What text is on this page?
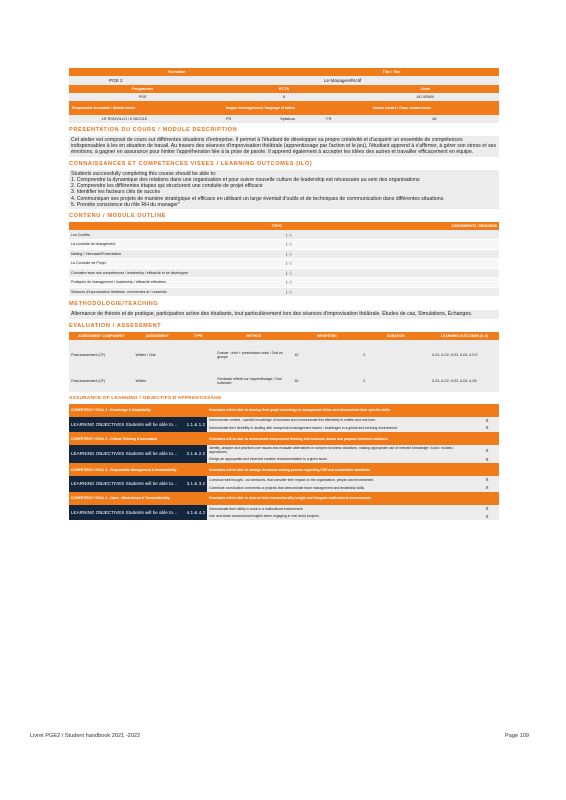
Formation	Title / Title
PGE 2	Le ManagerefKctif
Programme	ECTS	Code
PGE	6	AD 0R600
Responsable du module / Module leader	langue d'enseignement / language of tuition	Volume horaire / Class contact hours
LE ROUVILLO / II NICOLE	FR	Syllabus:	FR	46
PRÉSENTATION DU COURS / MODULE DESCRIPTION

Cet atelier est composé de cours sur différentes situations d'entreprise. Il permet à l'étudiant de développer sa propre créativité et d'acquérir un ensemble de compétences indispensables à les en situation de travail. Au travers des séances d'improvisation théâtrale (apprentissage par l'action et le jeu), l'étudiant apprend à s'affirmer, à gérer son stress et ses émotions, à gagner en assurance pour limiter l'appréhension liée à la prise de parole. Il apprend également à accepter les idées des autres et travailler efficacement en équipe.

CONNAISSANCES ET COMPETENCES VISEES / LEARNING OUTCOMES (ILO)

Students successfully completing this course should be able to:

1. Comprendre la dynamique des relations dans une organisation et pour suivre nouvelle culture de leadership est nécessaire au sein des organisations

2. Comprendre les différentes étapes qui structurent une conduite de projet efficace

3. Identifier les facteurs clés de succès

4. Communiquer ses projets de manière stratégique et efficace en utilisant un large éventail d'outils et de techniques de communication dans différentes situations.

5. Prendre conscience du rôle RH du manager"

CONTENU / MODULE OUTLINE
TOPIC	ASSIGNMENTS / READINGS
Les Conflits	(...)
La conduite du changement	(...)
Mailing / ViennaslePresentation	(...)
La Conduite de Projet	(...)
Connaitre sesn ses compétences / leadership / efficacité et se développer	(...)
Pratiques de management / leadership / efficacité effectives	(...)
Séances d'improvisation théâtrale, commentez-le / ressentis	(...)
METHODOLOGIE/TEACHING

Alternance de théorie et de pratique, participation active des étudiants, tout particulièrement lors des séances d'improvisation théâtrale. Études de cas, Simulations, Échanges.

EVALUATION / ASSESSMENT
ASSESSMENT COMPONENT	ASSESSMENT	TYPE	METHOD	WEIGHTING	DURATION	LEARNING OUTCOMES (ILO)
Final assessment (CF)	Written / Oral		Dossier : écrit + présentation orale / Oral en groupe	40	0	ILO1, ILO2, ILO3, ILO4, ILO 5
Final assessment (CF)	Written		Feedback réflexif sur l'apprentissage / Oral individuel	60	0	ILO1, ILO2, ILO3, ILO4, ILO5
ASSURANCE OF LEARNING / OBJECTIFS D'APPRENTISSAGE
COMPETENCY GOAL 1 - Knowledge & Adaptability	Graduates will be able to develop their graph knowledge in management fields and demonstrate their specific skills.	
LEARNING OBJECTIVES Students will be able to… 1.1 & 1.2	Demonstrate context - specific knowledge of business and communicate this effectively in written and oral form.	X
	Demonstrate their flexibility in dealing with unexpected management issues / challenges in a global and evolving environment.	X
COMPETENCY GOAL 2 - Critical Thinking & Innovation	Graduates will be able to demonstrate independent thinking into business issues and propose informed solutions.	
LEARNING OBJECTIVES Students will be able to… 2.1 & 2.2	Identify, analyze and prioritize core issues and evaluate alternatives in complex business situations, making appropriate use of relevant knowledge / tools / models / approaches.	X
	Design an appropriate and informed creative recommendation to a given issue.	X
COMPETENCY GOAL 3 - Responsible Management & Sustainability	Graduates will be able to manage decisions making process regarding CSR and sustainable standards.	
LEARNING OBJECTIVES Students will be able to… 3.1 & 3.2	Construct well thought - out decisions, that consider their impact on the organization, people and environment.	X
	Contribute constructive comments or projects that demonstrate team management and leadership skills.	X
COMPETENCY GOAL 4 - Open - Mindedness & Transculturality	Graduates will be able to draw on their transculturality insight and integrate multicultural environments.	
LEARNING OBJECTIVES Students will be able to… 4.1 & 4.2	Demonstrate their ability to work in a multicultural environment.	X
	Use and share transcultural insights when engaging in real world projects.	X
Livret PGE2 / Student handbook 2021 -2022	Page 109
